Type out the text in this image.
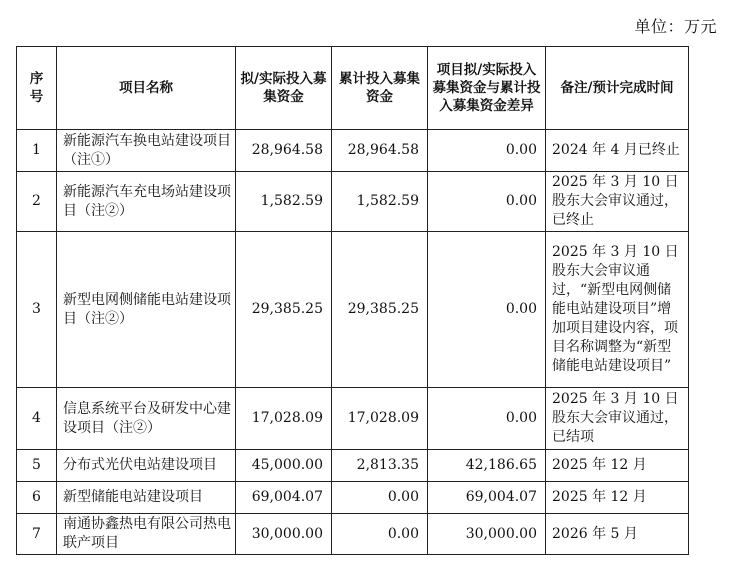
单位：万元
序号	项目名称	拟/实际投入募集资金	累计投入募集资金	项目拟/实际投入募集资金与累计投入募集资金差异	备注/预计完成时间
1	新能源汽车换电站建设项目（注①）	28,964.58	28,964.58	0.00	2024 年 4 月已终止
2	新能源汽车充电场站建设项目（注②）	1,582.59	1,582.59	0.00	2025 年 3 月 10 日股东大会审议通过，已终止
3	新型电网侧储能电站建设项目（注②）	29,385.25	29,385.25	0.00	2025 年 3 月 10 日股东大会审议通过，“新型电网侧储能电站建设项目”增加项目建设内容，项目名称调整为“新型储能电站建设项目”
4	信息系统平台及研发中心建设项目（注②）	17,028.09	17,028.09	0.00	2025 年 3 月 10 日股东大会审议通过，已结项
5	分布式光伏电站建设项目	45,000.00	2,813.35	42,186.65	2025 年 12 月
6	新型储能电站建设项目	69,004.07	0.00	69,004.07	2025 年 12 月
7	南通协鑫热电有限公司热电联产项目	30,000.00	0.00	30,000.00	2026 年 5 月
